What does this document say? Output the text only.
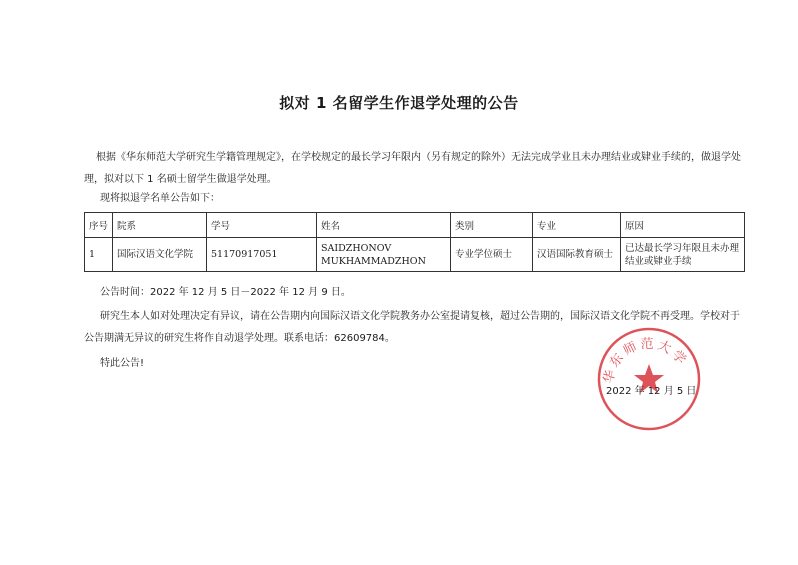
拟对 1 名留学生作退学处理的公告
根据《华东师范大学研究生学籍管理规定》，在学校规定的最长学习年限内（另有规定的除外）无法完成学业且未办理结业或肄业手续的，做退学处理，拟对以下 1 名硕士留学生做退学处理。
现将拟退学名单公告如下：
序号	院系	学号	姓名	类别	专业	原因
1	国际汉语文化学院	51170917051	SAIDZHONOV MUKHAMMADZHON	专业学位硕士	汉语国际教育硕士	已达最长学习年限且未办理结业或肄业手续
公告时间：2022 年 12 月 5 日－2022 年 12 月 9 日。
研究生本人如对处理决定有异议，请在公告期内向国际汉语文化学院教务办公室提请复核，超过公告期的，国际汉语文化学院不再受理。学校对于公告期满无异议的研究生将作自动退学处理。联系电话：62609784。
特此公告!
华东师范大学
2022 年 12 月 5 日
